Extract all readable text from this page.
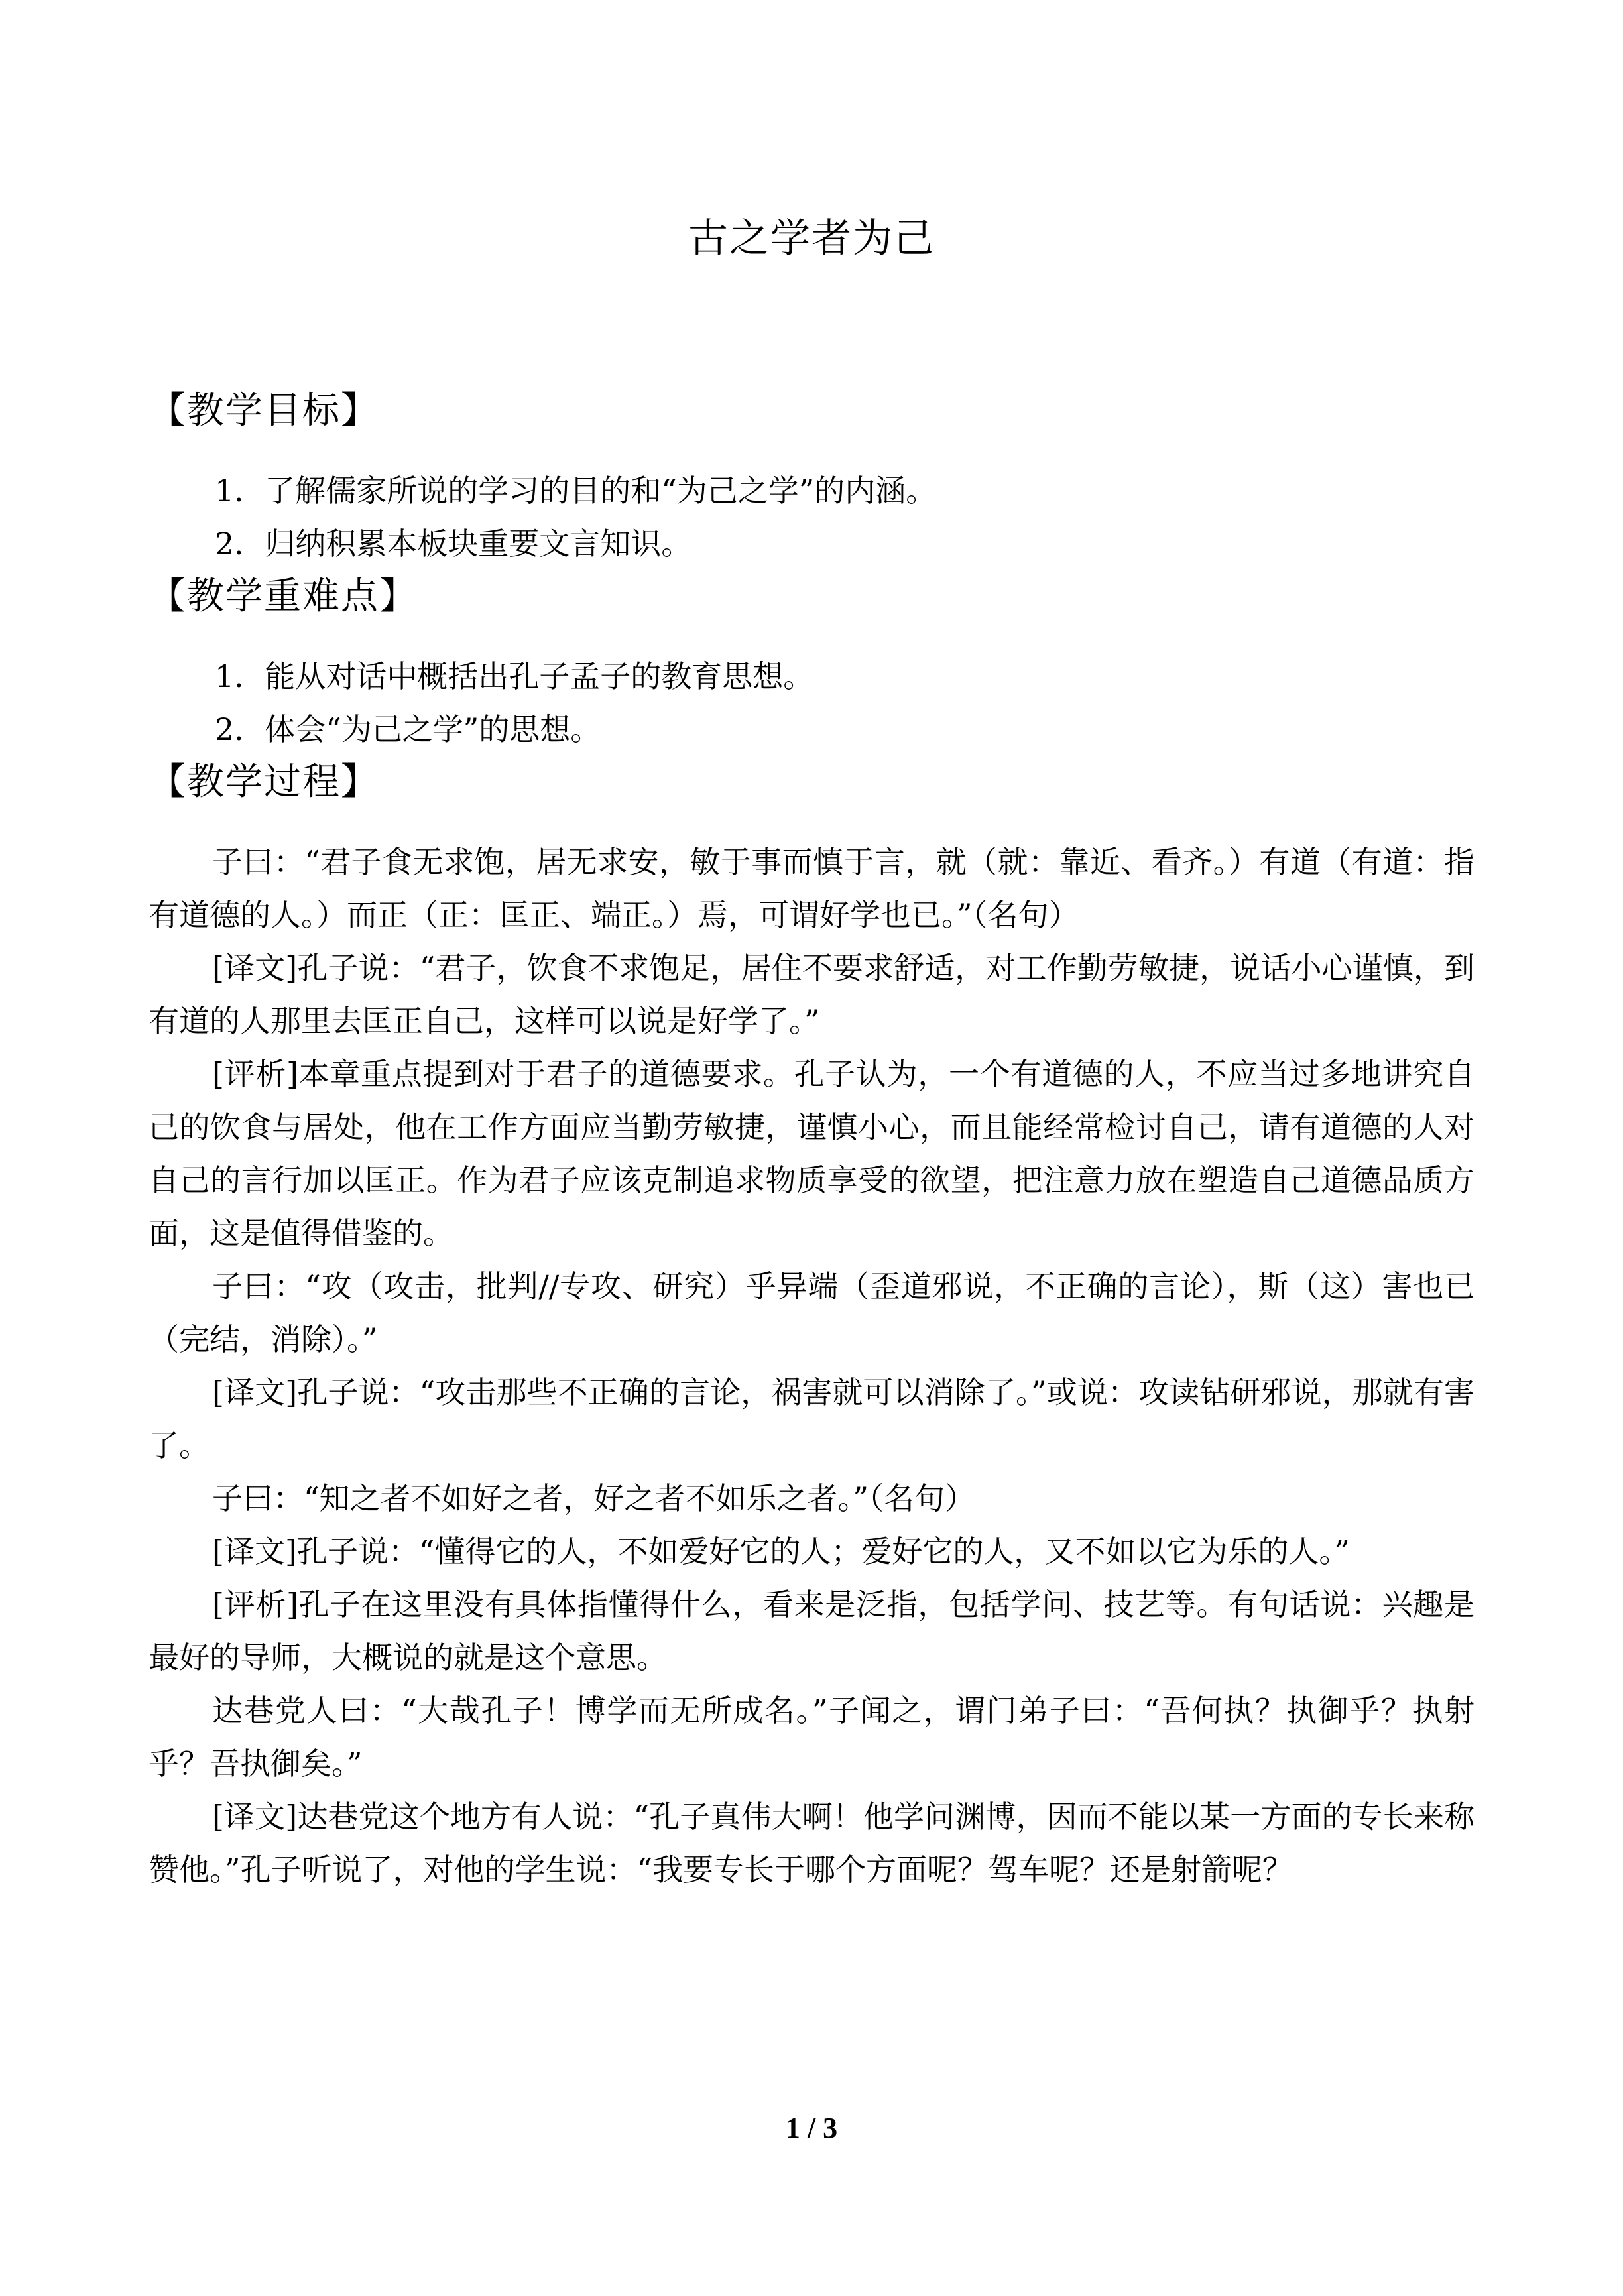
古之学者为己

【教学目标】

1．了解儒家所说的学习的目的和“为己之学”的内涵。

2．归纳积累本板块重要文言知识。

【教学重难点】

1．能从对话中概括出孔子孟子的教育思想。

2．体会“为己之学”的思想。

【教学过程】

子曰：“君子食无求饱，居无求安，敏于事而慎于言，就（就：靠近、看齐。）有道（有道：指有道德的人。）而正（正：匡正、端正。）焉，可谓好学也已。”（名句）

[译文]孔子说：“君子，饮食不求饱足，居住不要求舒适，对工作勤劳敏捷，说话小心谨慎，到有道的人那里去匡正自己，这样可以说是好学了。”

[评析]本章重点提到对于君子的道德要求。孔子认为，一个有道德的人，不应当过多地讲究自己的饮食与居处，他在工作方面应当勤劳敏捷，谨慎小心，而且能经常检讨自己，请有道德的人对自己的言行加以匡正。作为君子应该克制追求物质享受的欲望，把注意力放在塑造自己道德品质方面，这是值得借鉴的。

子曰：“攻（攻击，批判//专攻、研究）乎异端（歪道邪说，不正确的言论），斯（这）害也已（完结，消除）。”

[译文]孔子说：“攻击那些不正确的言论，祸害就可以消除了。”或说：攻读钻研邪说，那就有害了。

子曰：“知之者不如好之者，好之者不如乐之者。”（名句）

[译文]孔子说：“懂得它的人，不如爱好它的人；爱好它的人，又不如以它为乐的人。”

[评析]孔子在这里没有具体指懂得什么，看来是泛指，包括学问、技艺等。有句话说：兴趣是最好的导师，大概说的就是这个意思。

达巷党人曰：“大哉孔子！博学而无所成名。”子闻之，谓门弟子曰：“吾何执？执御乎？执射乎？吾执御矣。”

[译文]达巷党这个地方有人说：“孔子真伟大啊！他学问渊博，因而不能以某一方面的专长来称赞他。”孔子听说了，对他的学生说：“我要专长于哪个方面呢？驾车呢？还是射箭呢？

1 / 3
